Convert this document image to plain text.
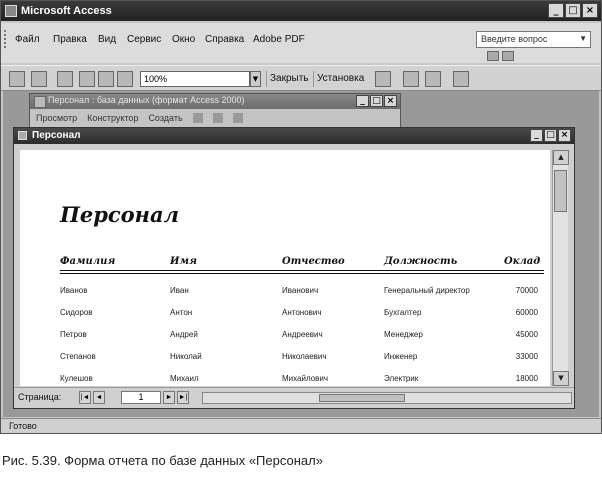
Microsoft Access	_ □ ×
Файл Правка Вид Сервис Окно Справка Adobe PDF	Введите вопрос	▼
100%	▼	Закрыть Установка
Персонал : база данных (формат Access 2000)	_ □ ×
Просмотр Конструктор Создать
Персонал	_ □ ×
Персонал
Фамилия	Имя	Отчество	Должность	Оклад
Иванов	Иван	Иванович	Генеральный директор	70000
Сидоров	Антон	Антонович	Бухгалтер	60000
Петров	Андрей	Андреевич	Менеджер	45000
Степанов	Николай	Николаевич	Инженер	33000
Кулешов	Михаил	Михайлович	Электрик	18000
▲
▼
Страница:	|◄ ◄	1	► ►|
Готово
Рис. 5.39. Форма отчета по базе данных «Персонал»
